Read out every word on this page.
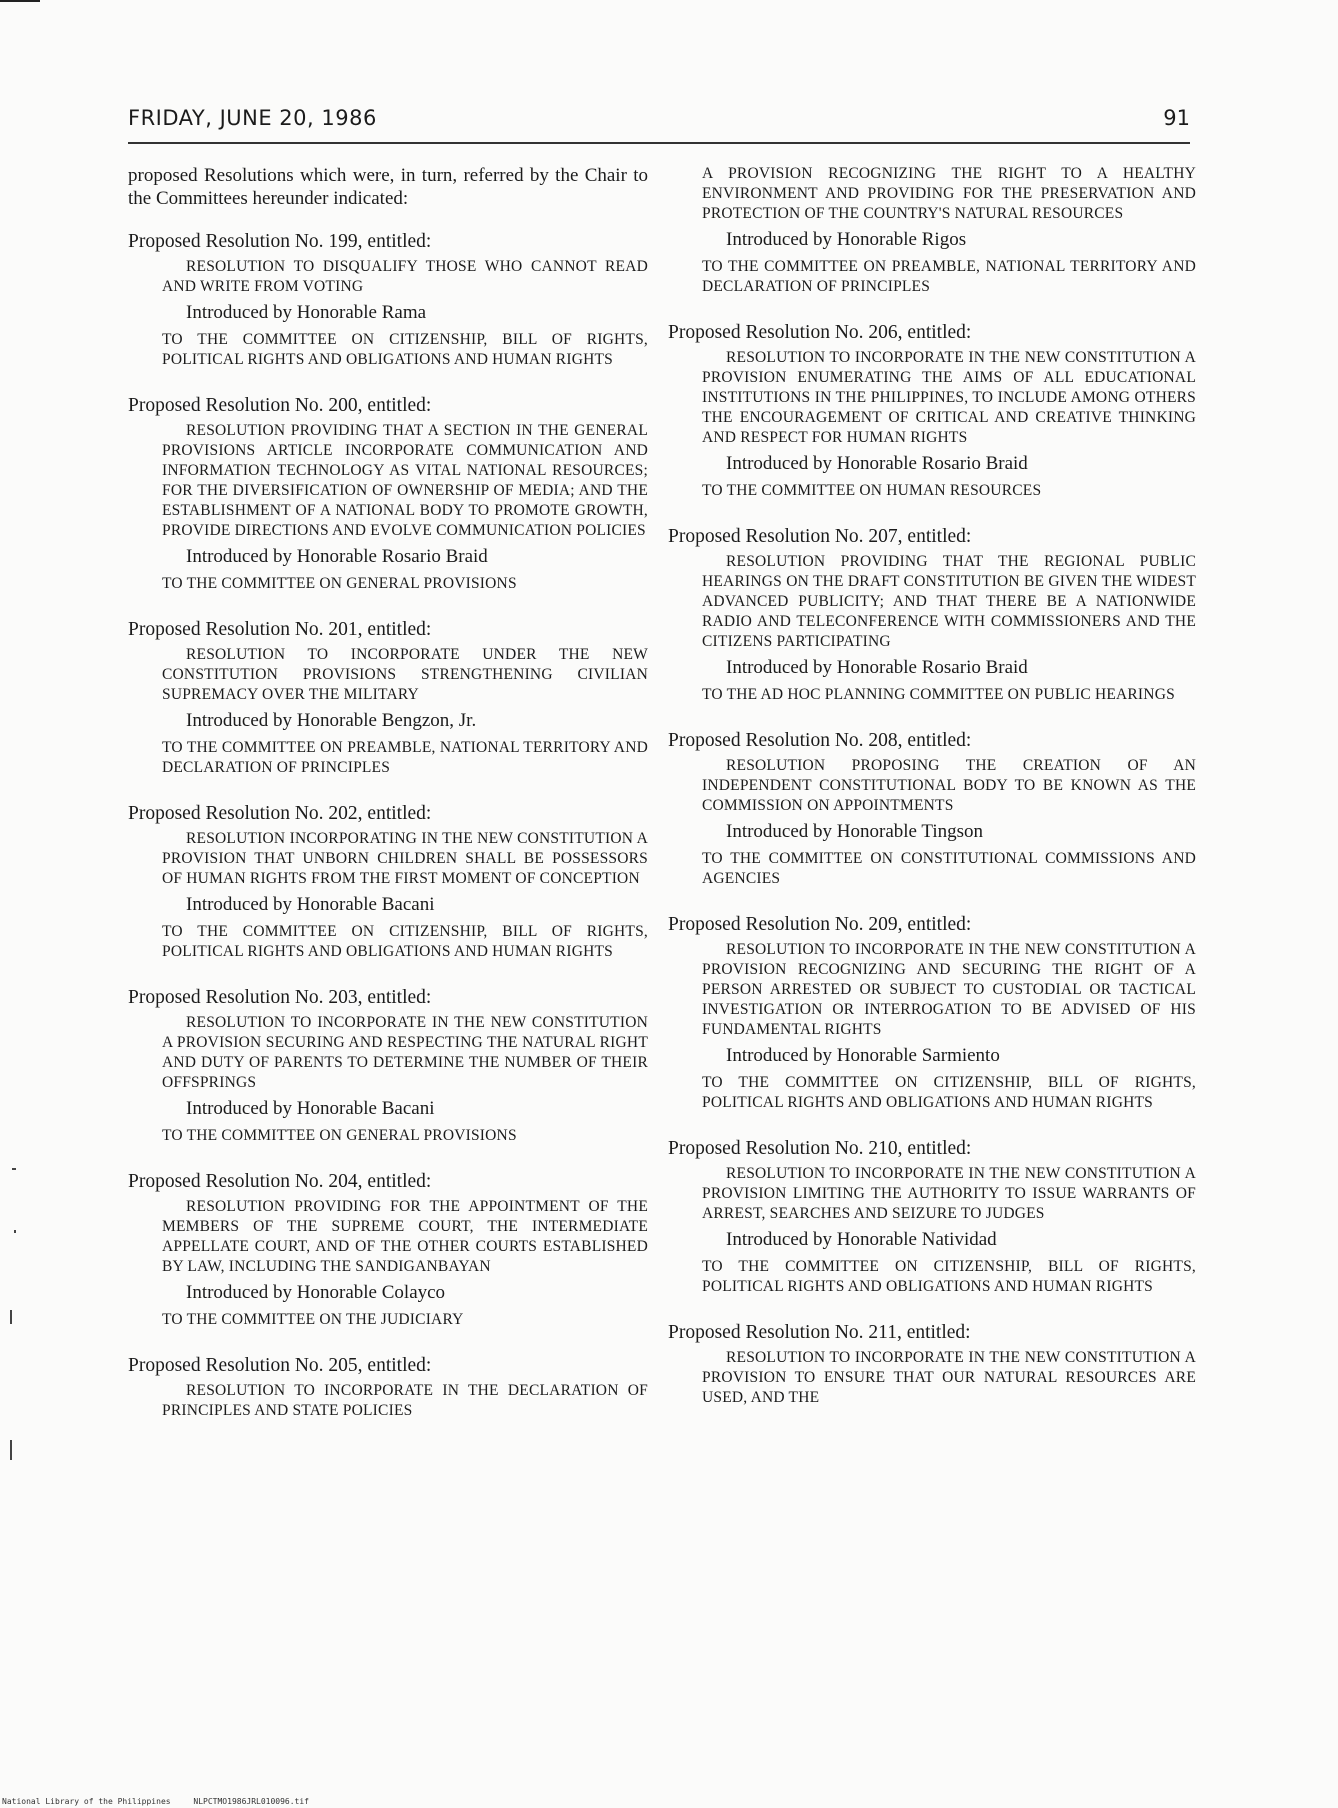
FRIDAY, JUNE 20, 1986	91

proposed Resolutions which were, in turn, referred by the Chair to the Committees hereunder indicated:

Proposed Resolution No. 199, entitled:

RESOLUTION TO DISQUALIFY THOSE WHO CANNOT READ AND WRITE FROM VOTING

Introduced by Honorable Rama

TO THE COMMITTEE ON CITIZENSHIP, BILL OF RIGHTS, POLITICAL RIGHTS AND OBLIGATIONS AND HUMAN RIGHTS

Proposed Resolution No. 200, entitled:

RESOLUTION PROVIDING THAT A SECTION IN THE GENERAL PROVISIONS ARTICLE INCORPORATE COMMUNICATION AND INFORMATION TECHNOLOGY AS VITAL NATIONAL RESOURCES; FOR THE DIVERSIFICATION OF OWNERSHIP OF MEDIA; AND THE ESTABLISHMENT OF A NATIONAL BODY TO PROMOTE GROWTH, PROVIDE DIRECTIONS AND EVOLVE COMMUNICATION POLICIES

Introduced by Honorable Rosario Braid

TO THE COMMITTEE ON GENERAL PROVISIONS

Proposed Resolution No. 201, entitled:

RESOLUTION TO INCORPORATE UNDER THE NEW CONSTITUTION PROVISIONS STRENGTHENING CIVILIAN SUPREMACY OVER THE MILITARY

Introduced by Honorable Bengzon, Jr.

TO THE COMMITTEE ON PREAMBLE, NATIONAL TERRITORY AND DECLARATION OF PRINCIPLES

Proposed Resolution No. 202, entitled:

RESOLUTION INCORPORATING IN THE NEW CONSTITUTION A PROVISION THAT UNBORN CHILDREN SHALL BE POSSESSORS OF HUMAN RIGHTS FROM THE FIRST MOMENT OF CONCEPTION

Introduced by Honorable Bacani

TO THE COMMITTEE ON CITIZENSHIP, BILL OF RIGHTS, POLITICAL RIGHTS AND OBLIGATIONS AND HUMAN RIGHTS

Proposed Resolution No. 203, entitled:

RESOLUTION TO INCORPORATE IN THE NEW CONSTITUTION A PROVISION SECURING AND RESPECTING THE NATURAL RIGHT AND DUTY OF PARENTS TO DETERMINE THE NUMBER OF THEIR OFFSPRINGS

Introduced by Honorable Bacani

TO THE COMMITTEE ON GENERAL PROVISIONS

Proposed Resolution No. 204, entitled:

RESOLUTION PROVIDING FOR THE APPOINTMENT OF THE MEMBERS OF THE SUPREME COURT, THE INTERMEDIATE APPELLATE COURT, AND OF THE OTHER COURTS ESTABLISHED BY LAW, INCLUDING THE SANDIGANBAYAN

Introduced by Honorable Colayco

TO THE COMMITTEE ON THE JUDICIARY

Proposed Resolution No. 205, entitled:

RESOLUTION TO INCORPORATE IN THE DECLARATION OF PRINCIPLES AND STATE POLICIES

A PROVISION RECOGNIZING THE RIGHT TO A HEALTHY ENVIRONMENT AND PROVIDING FOR THE PRESERVATION AND PROTECTION OF THE COUNTRY'S NATURAL RESOURCES

Introduced by Honorable Rigos

TO THE COMMITTEE ON PREAMBLE, NATIONAL TERRITORY AND DECLARATION OF PRINCIPLES

Proposed Resolution No. 206, entitled:

RESOLUTION TO INCORPORATE IN THE NEW CONSTITUTION A PROVISION ENUMERATING THE AIMS OF ALL EDUCATIONAL INSTITUTIONS IN THE PHILIPPINES, TO INCLUDE AMONG OTHERS THE ENCOURAGEMENT OF CRITICAL AND CREATIVE THINKING AND RESPECT FOR HUMAN RIGHTS

Introduced by Honorable Rosario Braid

TO THE COMMITTEE ON HUMAN RESOURCES

Proposed Resolution No. 207, entitled:

RESOLUTION PROVIDING THAT THE REGIONAL PUBLIC HEARINGS ON THE DRAFT CONSTITUTION BE GIVEN THE WIDEST ADVANCED PUBLICITY; AND THAT THERE BE A NATIONWIDE RADIO AND TELECONFERENCE WITH COMMISSIONERS AND THE CITIZENS PARTICIPATING

Introduced by Honorable Rosario Braid

TO THE AD HOC PLANNING COMMITTEE ON PUBLIC HEARINGS

Proposed Resolution No. 208, entitled:

RESOLUTION PROPOSING THE CREATION OF AN INDEPENDENT CONSTITUTIONAL BODY TO BE KNOWN AS THE COMMISSION ON APPOINTMENTS

Introduced by Honorable Tingson

TO THE COMMITTEE ON CONSTITUTIONAL COMMISSIONS AND AGENCIES

Proposed Resolution No. 209, entitled:

RESOLUTION TO INCORPORATE IN THE NEW CONSTITUTION A PROVISION RECOGNIZING AND SECURING THE RIGHT OF A PERSON ARRESTED OR SUBJECT TO CUSTODIAL OR TACTICAL INVESTIGATION OR INTERROGATION TO BE ADVISED OF HIS FUNDAMENTAL RIGHTS

Introduced by Honorable Sarmiento

TO THE COMMITTEE ON CITIZENSHIP, BILL OF RIGHTS, POLITICAL RIGHTS AND OBLIGATIONS AND HUMAN RIGHTS

Proposed Resolution No. 210, entitled:

RESOLUTION TO INCORPORATE IN THE NEW CONSTITUTION A PROVISION LIMITING THE AUTHORITY TO ISSUE WARRANTS OF ARREST, SEARCHES AND SEIZURE TO JUDGES

Introduced by Honorable Natividad

TO THE COMMITTEE ON CITIZENSHIP, BILL OF RIGHTS, POLITICAL RIGHTS AND OBLIGATIONS AND HUMAN RIGHTS

Proposed Resolution No. 211, entitled:

RESOLUTION TO INCORPORATE IN THE NEW CONSTITUTION A PROVISION TO ENSURE THAT OUR NATURAL RESOURCES ARE USED, AND THE

National Library of the Philippines	NLPCTMO1986JRL010096.tif
